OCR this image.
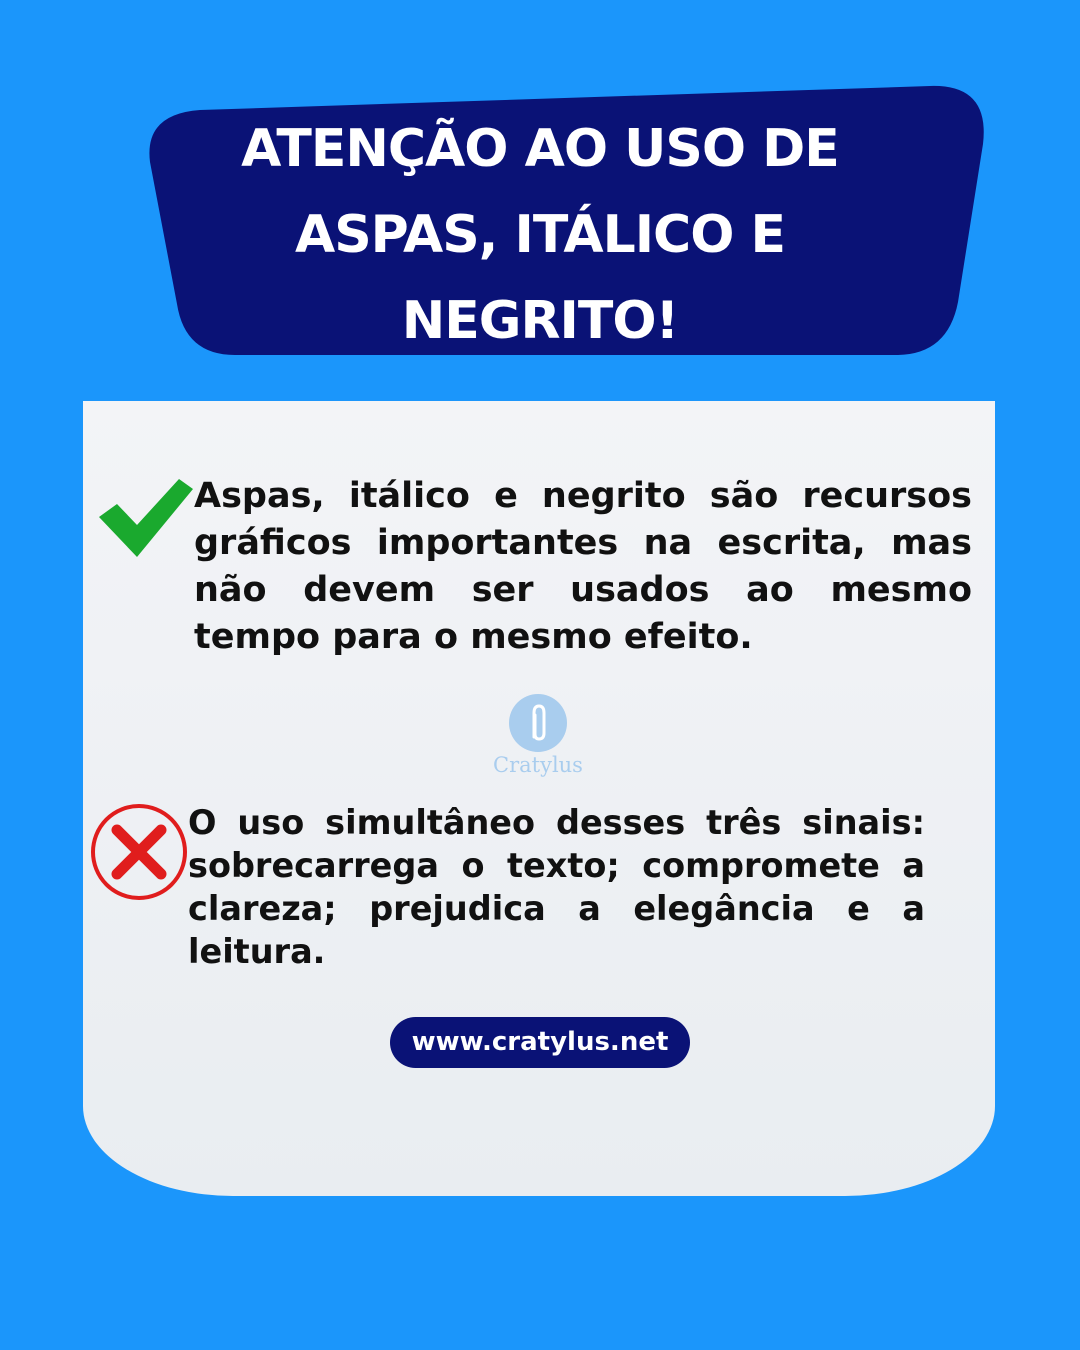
ATENÇÃO AO USO DE
ASPAS, ITÁLICO E
NEGRITO!

Aspas, itálico e negrito são recursos gráficos importantes na escrita, mas não devem ser usados ao mesmo tempo para o mesmo efeito.

Cratylus

O uso simultâneo desses três sinais: sobrecarrega o texto; compromete a clareza; prejudica a elegância e a leitura.

www.cratylus.net
